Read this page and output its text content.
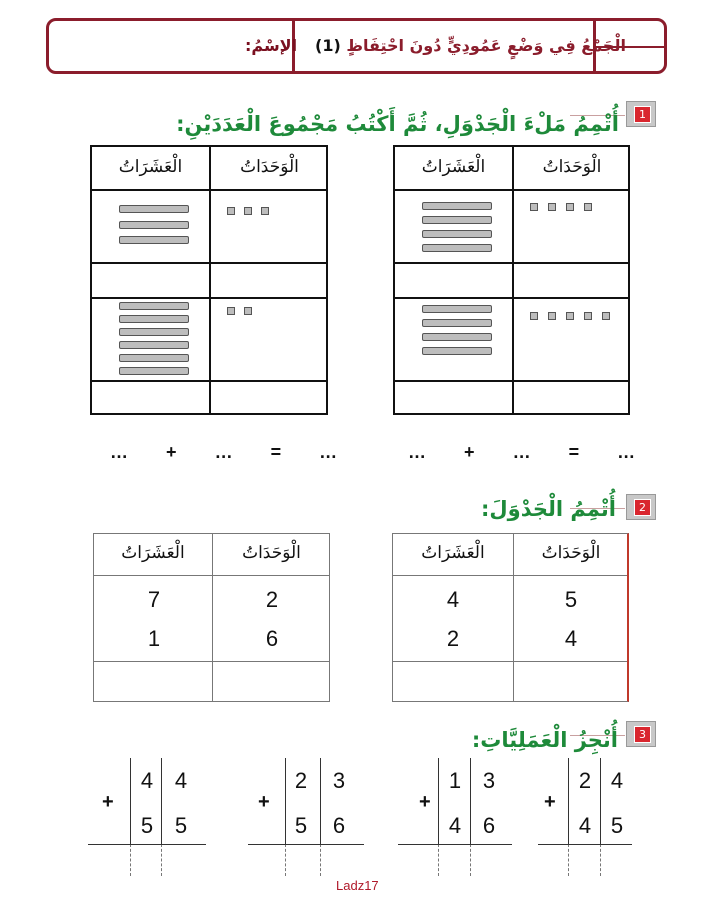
الإسْمُ:	الْجَمْعُ فِي وَضْعٍ عَمُودِيٍّ دُونَ احْتِفَاظٍ (1)
1
أُتْمِمُ مَلْءَ الْجَدْوَلِ، ثُمَّ أَكْتُبُ مَجْمُوعَ الْعَدَدَيْنِ:
الْعَشَرَاتُ	الْوَحَدَاتُ	الْعَشَرَاتُ	الْوَحَدَاتُ
… + … = …	… + … = …
2
أُتْمِمُ الْجَدْوَلَ:
الْعَشَرَاتُ	الْوَحَدَاتُ
7	2
1	6
الْعَشَرَاتُ	الْوَحَدَاتُ
4	5
2	4
3
أُنْجِزُ الْعَمَلِيَّاتِ:
4 4
+
5 5
2	3
+
5	6
1 3
+
4 6
2 4
+
4 5
Ladz17
